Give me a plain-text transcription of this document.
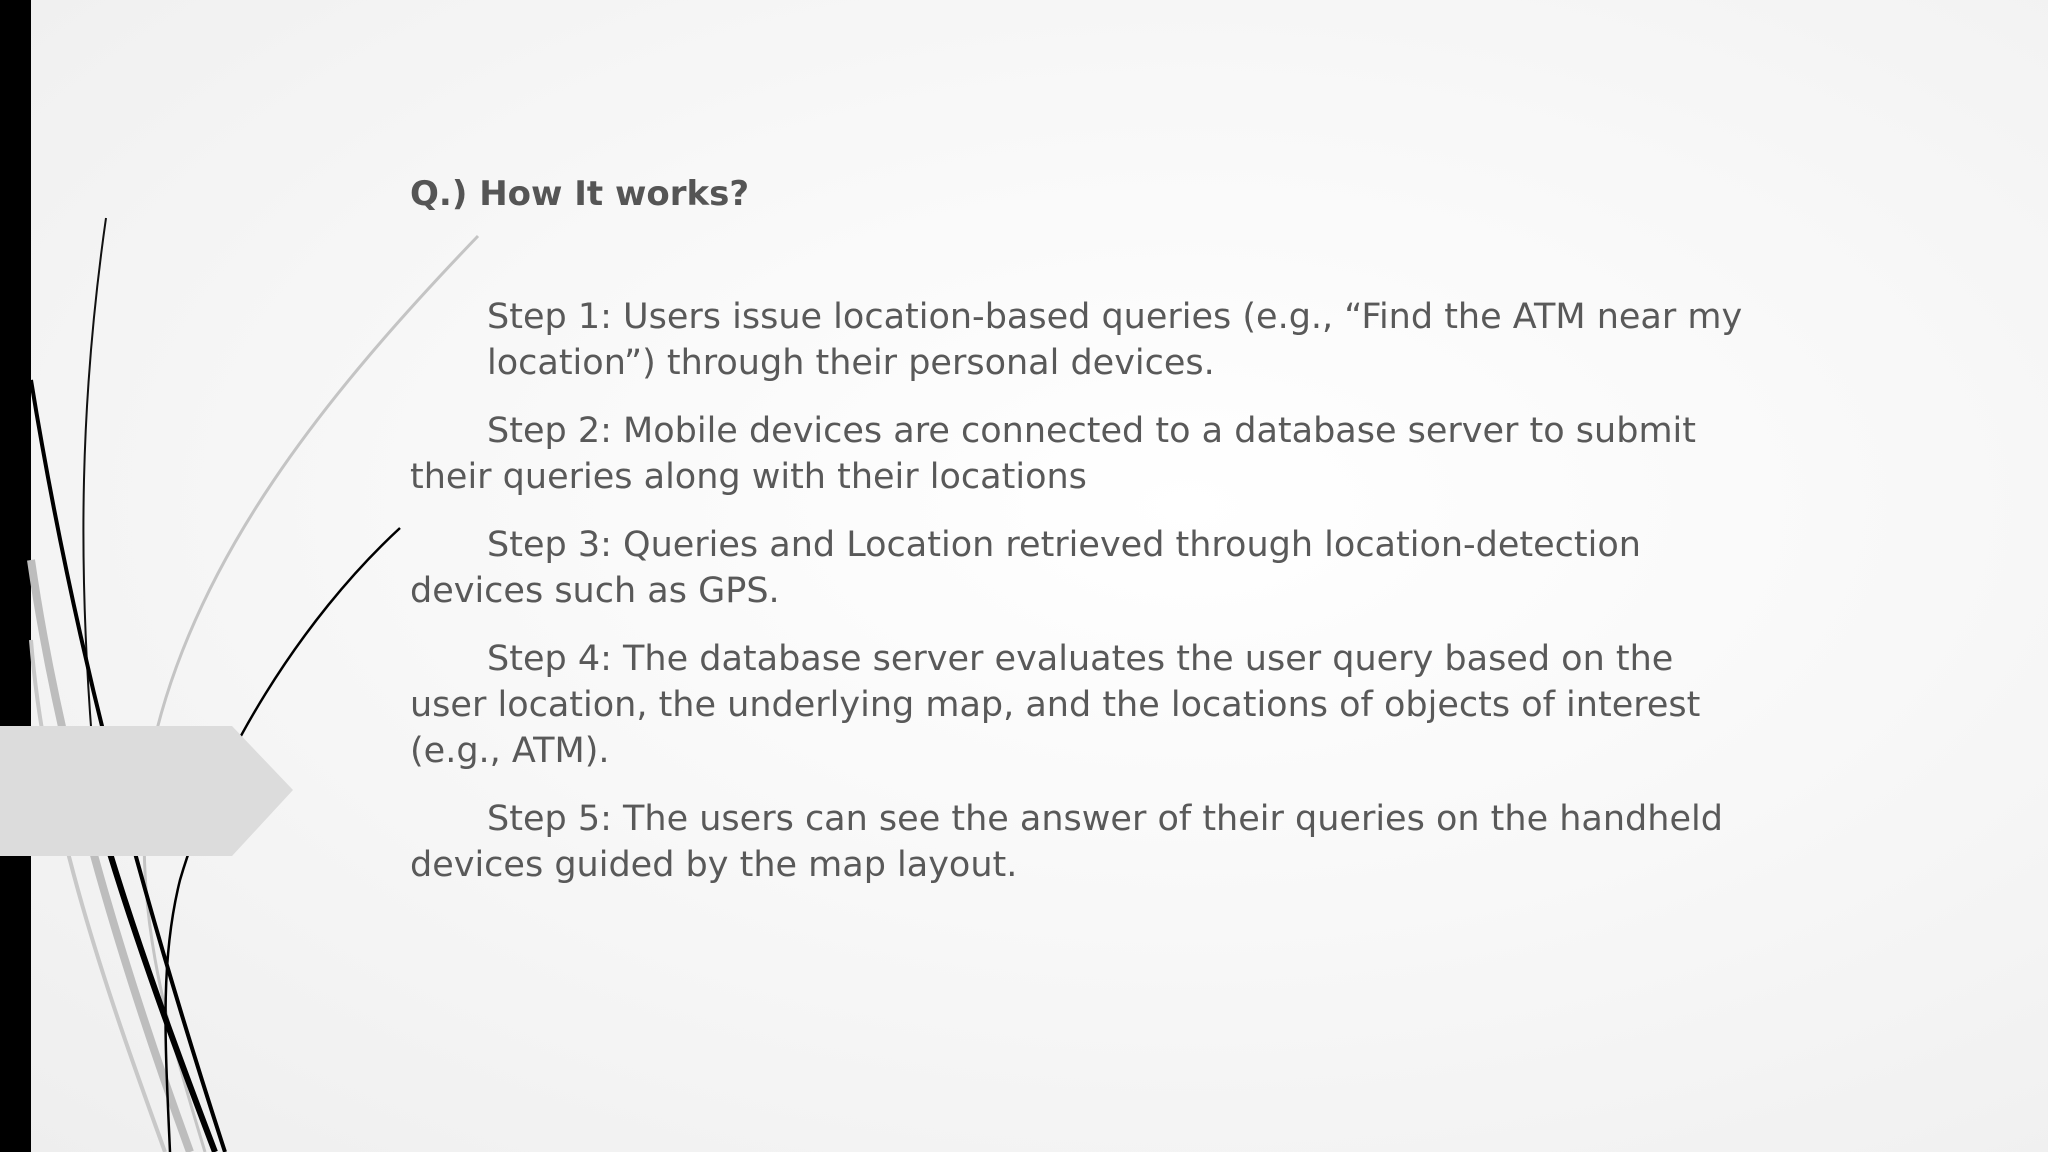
Q.) How It works?

Step 1: Users issue location-based queries (e.g., “Find the ATM near my location”) through their personal devices.

Step 2: Mobile devices are connected to a database server to submit their queries along with their locations

Step 3: Queries and Location retrieved through location-detection devices such as GPS.

Step 4: The database server evaluates the user query based on the user location, the underlying map, and the locations of objects of interest (e.g., ATM).

Step 5: The users can see the answer of their queries on the handheld devices guided by the map layout.
